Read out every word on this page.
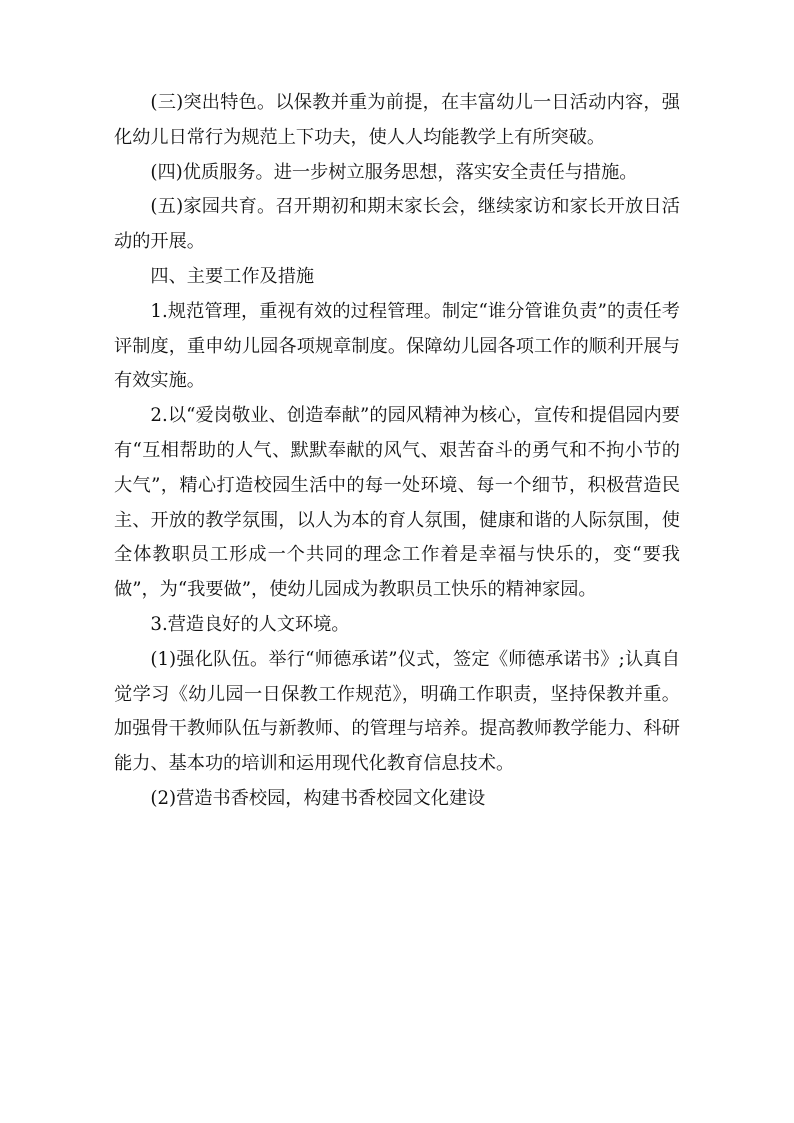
(三)突出特色。以保教并重为前提，在丰富幼儿一日活动内容，强化幼儿日常行为规范上下功夫，使人人均能教学上有所突破。

(四)优质服务。进一步树立服务思想，落实安全责任与措施。

(五)家园共育。召开期初和期末家长会，继续家访和家长开放日活动的开展。

四、主要工作及措施

1.规范管理，重视有效的过程管理。制定“谁分管谁负责”的责任考评制度，重申幼儿园各项规章制度。保障幼儿园各项工作的顺利开展与有效实施。

2.以“爱岗敬业、创造奉献”的园风精神为核心，宣传和提倡园内要有“互相帮助的人气、默默奉献的风气、艰苦奋斗的勇气和不拘小节的大气”，精心打造校园生活中的每一处环境、每一个细节，积极营造民主、开放的教学氛围，以人为本的育人氛围，健康和谐的人际氛围，使全体教职员工形成一个共同的理念工作着是幸福与快乐的，变“要我做”，为“我要做”，使幼儿园成为教职员工快乐的精神家园。

3.营造良好的人文环境。

(1)强化队伍。举行“师德承诺”仪式，签定《师德承诺书》;认真自觉学习《幼儿园一日保教工作规范》，明确工作职责，坚持保教并重。加强骨干教师队伍与新教师、的管理与培养。提高教师教学能力、科研能力、基本功的培训和运用现代化教育信息技术。

(2)营造书香校园，构建书香校园文化建设
